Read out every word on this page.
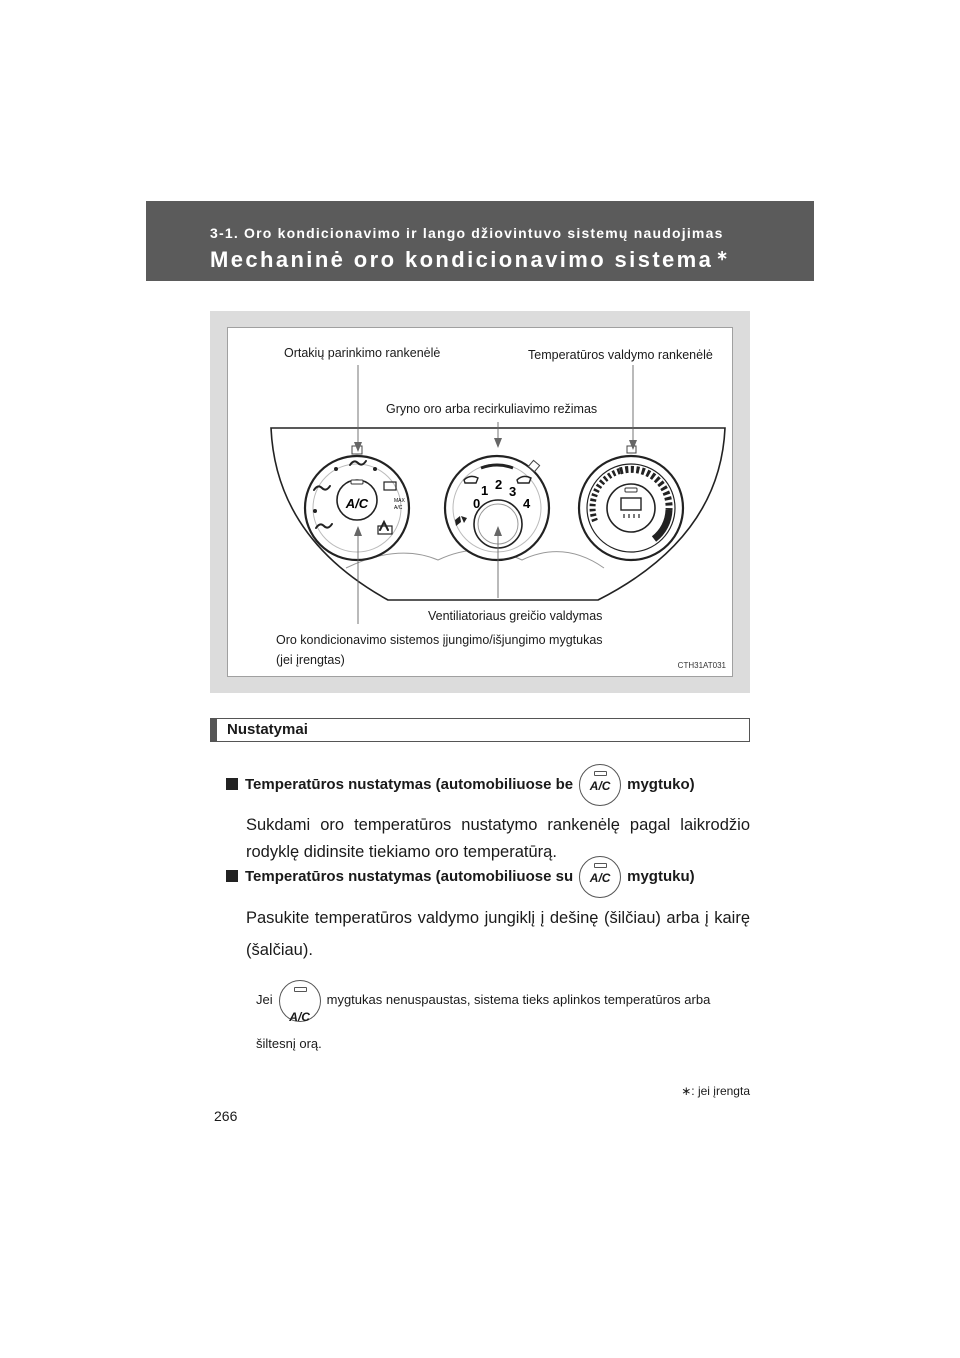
3-1. Oro kondicionavimo ir lango džiovintuvo sistemų naudojimas
Mechaninė oro kondicionavimo sistema ∗
A/C	MAX
A/C	0
1 2 3
4
Ortakių parinkimo rankenėlė	Temperatūros valdymo rankenėlė
Gryno oro arba recirkuliavimo režimas
Ventiliatoriaus greičio valdymas
Oro kondicionavimo sistemos įjungimo/išjungimo mygtukas
(jei įrengtas)	CTH31AT031
Nustatymai
Temperatūros nustatymas (automobiliuose be	A/C	mygtuko)
Sukdami oro temperatūros nustatymo rankenėlę pagal laikrodžio rodyklę didinsite tiekiamo oro temperatūrą.
Temperatūros nustatymas (automobiliuose su	A/C	mygtuku)
Pasukite temperatūros valdymo jungiklį į dešinę (šilčiau) arba į kairę (šalčiau).
Jei
A/C
mygtukas nenuspaustas, sistema tieks aplinkos temperatūros arba šiltesnį orą.
∗: jei įrengta
266
